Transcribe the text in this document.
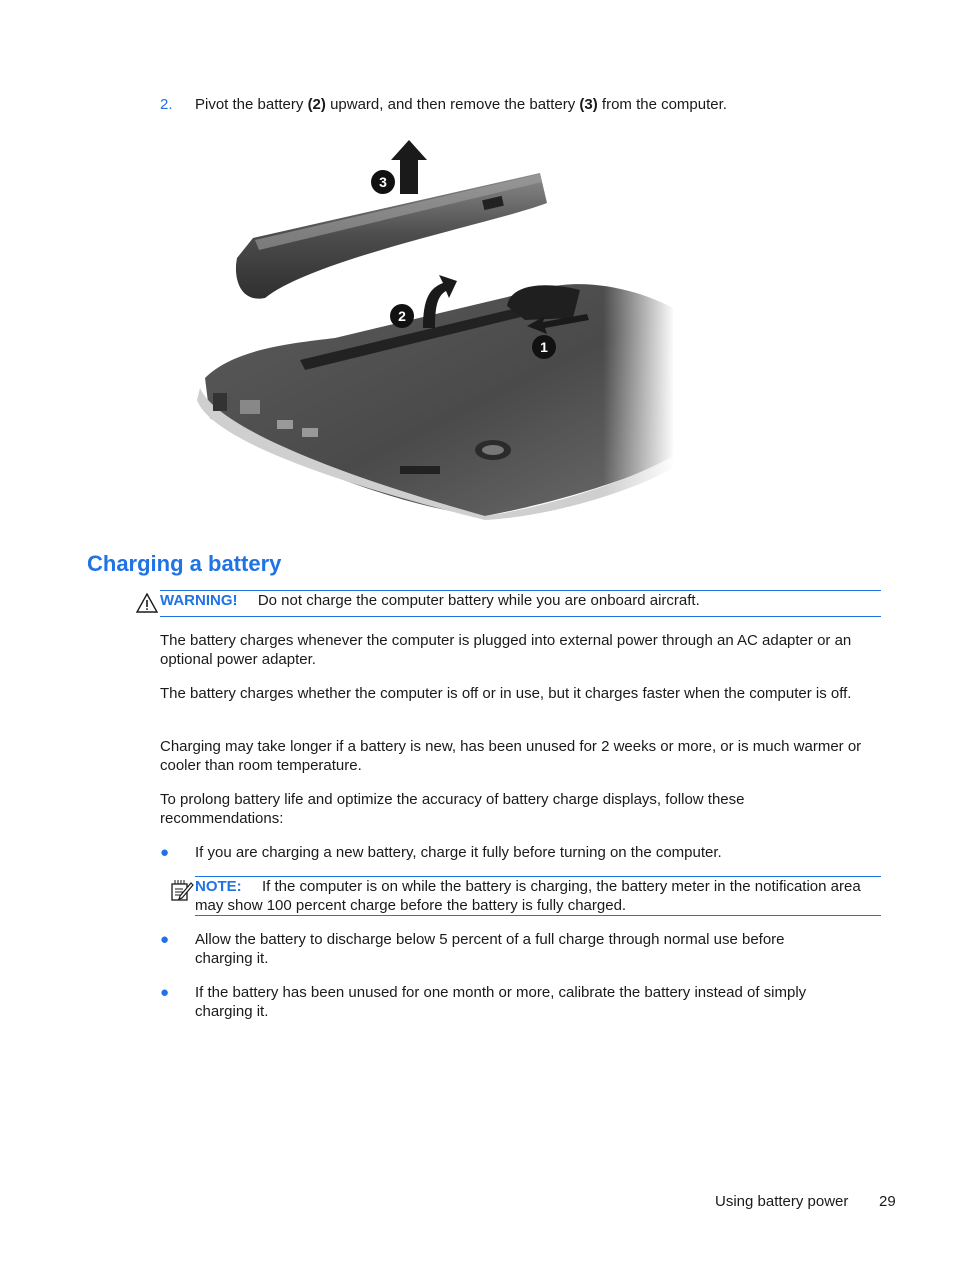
2. Pivot the battery (2) upward, and then remove the battery (3) from the computer.
Charging a battery
WARNING! Do not charge the computer battery while you are onboard aircraft.
The battery charges whenever the computer is plugged into external power through an AC adapter or an optional power adapter.
The battery charges whether the computer is off or in use, but it charges faster when the computer is off.
Charging may take longer if a battery is new, has been unused for 2 weeks or more, or is much warmer or cooler than room temperature.
To prolong battery life and optimize the accuracy of battery charge displays, follow these recommendations:
● If you are charging a new battery, charge it fully before turning on the computer.
NOTE: If the computer is on while the battery is charging, the battery meter in the notification area may show 100 percent charge before the battery is fully charged.
● Allow the battery to discharge below 5 percent of a full charge through normal use before charging it.
● If the battery has been unused for one month or more, calibrate the battery instead of simply charging it.
Using battery power 29
